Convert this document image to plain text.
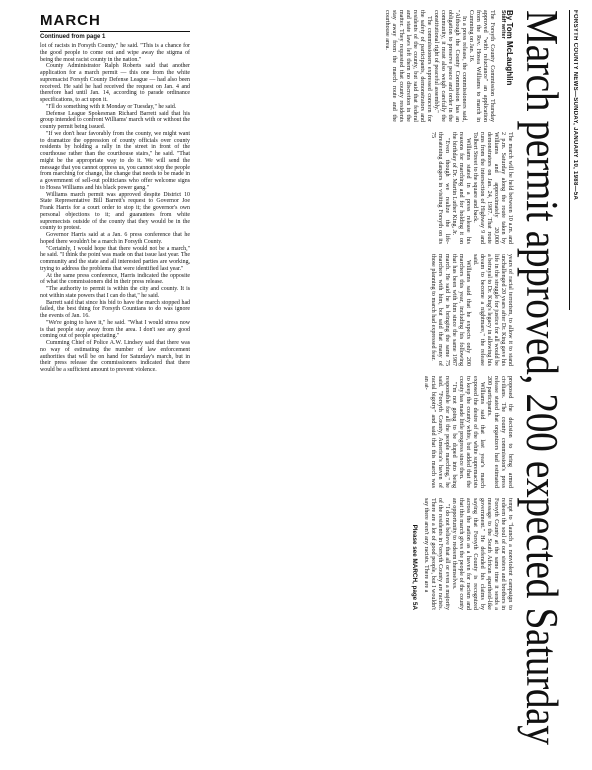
MARCH
Continued from page 1

lot of racists in Forsyth County," he said. "This is a chance for the good people to come out and wipe away the stigma of being the most racist county in the nation."

County Administrator Ralph Roberts said that another application for a march permit — this one from the white supremacist Forsyth County Defense League — had also been received. He said he had received the request on Jan. 4 and therefore had until Jan. 14, according to parade ordinance specifications, to act upon it.

"I'll do something with it Monday or Tuesday," he said.

Defense League Spokesman Richard Barrett said that his group intended to confront Williams' march with or without the county permit being issued.

"If we don't hear favorably from the county, we might want to dramatize the oppression of county officials over county residents by holding a rally in the street in front of the courthouse rather than the courthouse stairs," he said. "That might be the appropriate way to do it. We will send the message that you cannot oppress us, you cannot stop the people from marching for change, the change that needs to be made in a government of sell-out politicians who offer welcome signs to Hosea Williams and his black power gang."

Williams march permit was approved despite District 10 State Representative Bill Barrett's request to Governor Joe Frank Harris for a court order to stop it; the governor's own personal objections to it; and guarantees from white supremecists outside of the county that they would be in the county to protest.

Governor Harris said at a Jan. 6 press conference that he hoped there wouldn't be a march in Forsyth County.

"Certainly, I would hope that there would not be a march," he said. "I think the point was made on that issue last year. The community and the state and all interested parties are working, trying to address the problems that were identified last year."

At the same press conference, Harris indicated the opposite of what the commissioners did in their press release.

"The authority to permit is within the city and county. It is not within state powers that I can do that," he said.

Barrett said that since his bid to have the march stopped had failed, the best thing for Forsyth Countians to do was ignore the events of Jan. 16.

"We're going to have it," he said. "What I would stress now is that people stay away from the area. I don't see any good coming out of people spectating."

Cumming Chief of Police A.W. Lindsey said that there was no way of estimating the number of law enforcement authorities that will be on hand for Saturday's march, but in their press release the commissioners indicated that there would be a sufficient amount to prevent violence.

FORSYTH COUNTY NEWS—SUNDAY, JANUARY 10, 1988—5A
March permit approved, 200 expected Saturday
By Tom McLaughlin
Staff writer

The Forsyth County Commission Thursday approved "with reluctance" an application from the Rev. Hosea Williams to march in Cumming on Jan. 16.

In a press release, the commissioners said, "Although the County Commission has an obligation to preserve peace and order in the community, it must also weigh carefully the constitutional right of peaceful assembly."

The commissioners expressed concern for the safety of participants, demonstrators and residents of the county, but said that federal and state laws left them no discretion in the matter. They requested that county residents stay away from the march route and the courthouse area.

The march will be held between 10 a.m. and 2 p.m. Saturday along the route taken by Williams and approximately 20,000 demonstrators on Jan. 24, 1987. That route runs from the intersection of Highway 9 and Tolbert Street to the square and back.

Williams stated in a press release his reasons for marching and for holding it on the birthday of Dr. Martin Luther King, Jr.

"Even though we realize the life-threatening dangers in visiting Forsyth on its 75

years of racial terrorism, to allow it to stand unchallenged 20 years after Dr. King gave his life in the struggle for justice for all would be a betrayal to Dr. King's legacy in allowing his dream to become a nightmare," the release said.

Williams said that he expects only 200 marchers this year, including his following that has been with him since the same 1987 march. He said he is bringing the same 75 marchers with him, but said that many of those planning to march had expressed fear.

proposed the decision to bring armed civilians. The county commission's press release stated that organizers had estimated 200 participants.

Williams said that last year's march exposed the desire of the white supremacists to keep the county white, but added that the county has made little progress since then.

"I'm not going to be duped into being responsible for all the people marching," he said. "Forsyth County, America's haven of racial bigotry" and said that this march was an at-

tempt to "launch a nonviolent campaign to redeem the soul of our sisters and brothers in Forsyth County at the same time it sends a message to the South African apartheid-like government." He defended his claims by saying that Forsyth County is recognized across the nation as a haven for racism and that this march gives the people of the county an opportunity to redeem themselves.

"I do not believe that all or even a majority of the residents in Forsyth County are racists. There are a lot of good people, but I wouldn't say there aren't any racists. There are a

Please see MARCH, page 5A
